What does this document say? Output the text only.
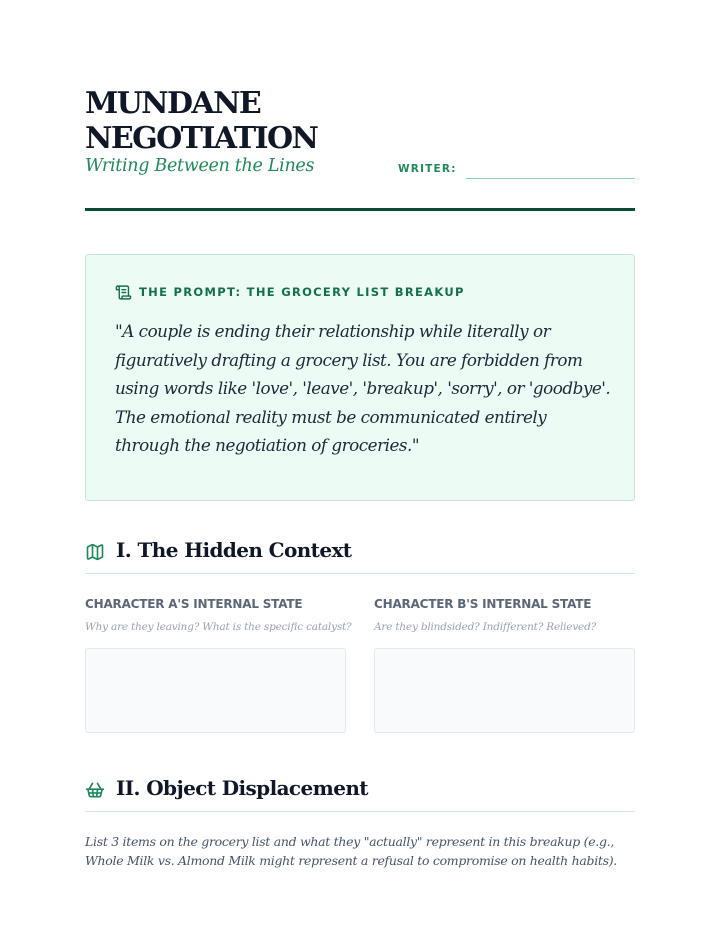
MUNDANE
NEGOTIATION
Writing Between the Lines	WRITER:
THE PROMPT: THE GROCERY LIST BREAKUP
"A couple is ending their relationship while literally or figuratively drafting a grocery list. You are forbidden from using words like 'love', 'leave', 'breakup', 'sorry', or 'goodbye'. The emotional reality must be communicated entirely through the negotiation of groceries."
I. The Hidden Context
CHARACTER A'S INTERNAL STATE
Why are they leaving? What is the specific catalyst?
CHARACTER B'S INTERNAL STATE
Are they blindsided? Indifferent? Relieved?
II. Object Displacement

List 3 items on the grocery list and what they "actually" represent in this breakup (e.g., Whole Milk vs. Almond Milk might represent a refusal to compromise on health habits).
